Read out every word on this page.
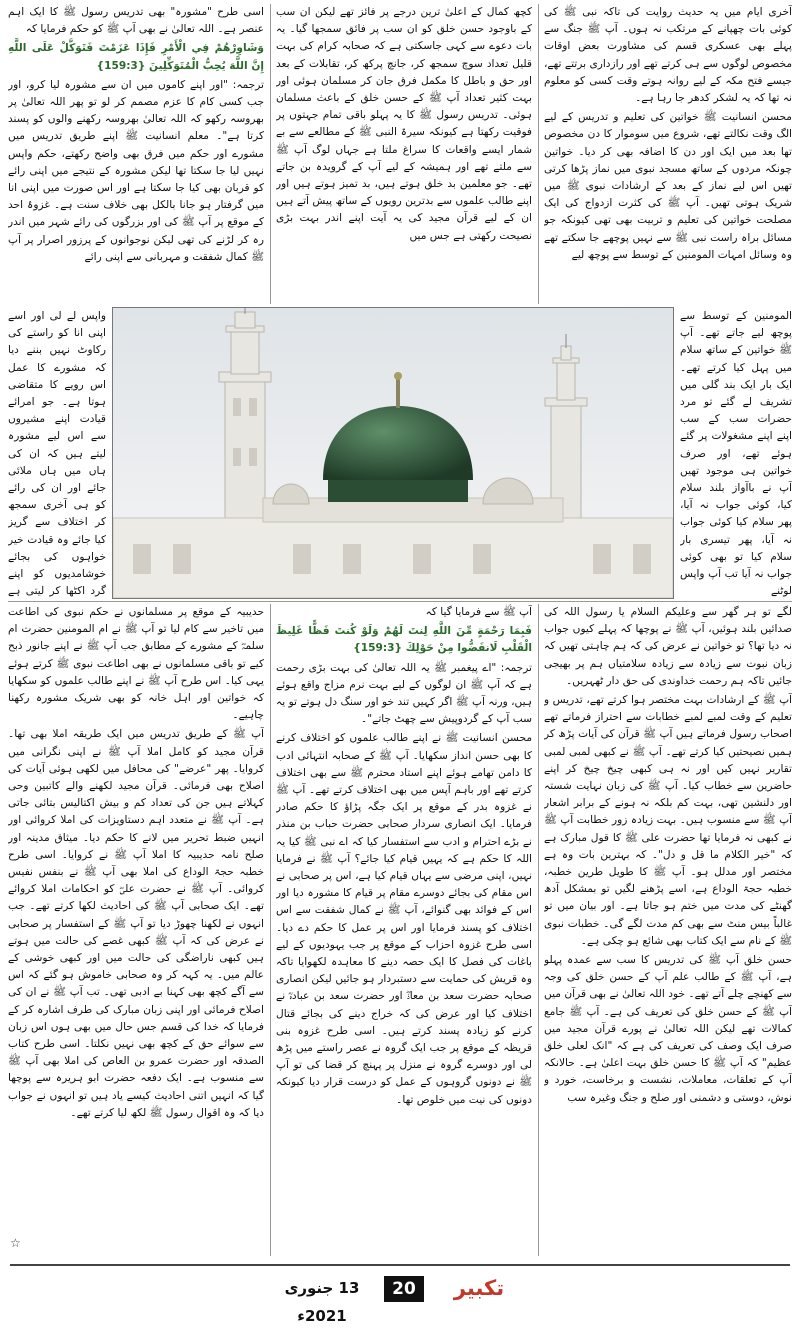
آخری ایام میں یہ حدیث روایت کی تاکہ نبی ﷺ کی کوئی بات چھپانے کے مرتکب نہ ہوں۔ آپ ﷺ جنگ سے پہلے بھی عسکری قسم کی مشاورت بعض اوقات مخصوص لوگوں سے ہی کرتے تھے اور رازداری برتتے تھے، جیسے فتح مکہ کے لیے روانہ ہوتے وقت کسی کو معلوم نہ تھا کہ یہ لشکر کدھر جا رہا ہے۔

محسن انسانیت ﷺ خواتین کی تعلیم و تدریس کے لیے الگ وقت نکالتے تھے، شروع میں سوموار کا دن مخصوص تھا بعد میں ایک اور دن کا اضافہ بھی کر دیا۔ خواتین چونکہ مردوں کے ساتھ مسجد نبوی میں نماز پڑھا کرتی تھیں اس لیے نماز کے بعد کے ارشادات نبوی ﷺ میں شریک ہوتی تھیں۔ آپ ﷺ کی کثرت ازدواج کی ایک مصلحت خواتین کی تعلیم و تربیت بھی تھی کیونکہ جو مسائل براہ راست نبی ﷺ سے نہیں پوچھے جا سکتے تھے وہ وسائل امہات المومنین کے توسط سے پوچھ لیے

کچھ کمال کے اعلیٰ ترین درجے پر فائز تھے لیکن ان سب کے باوجود حسن خلق کو ان سب پر فائق سمجھا گیا۔ یہ بات دعوے سے کہی جاسکتی ہے کہ صحابہ کرام کی بہت قلیل تعداد سوچ سمجھ کر، جانچ پرکھ کر، تقابلات کے بعد اور حق و باطل کا مکمل فرق جان کر مسلمان ہوئی اور بہت کثیر تعداد آپ ﷺ کے حسن خلق کے باعث مسلمان ہوئی۔ تدریس رسول ﷺ کا یہ پہلو باقی تمام جہتوں پر فوقیت رکھتا ہے کیونکہ سیرۃ النبی ﷺ کے مطالعے سے بے شمار ایسے واقعات کا سراغ ملتا ہے جہاں لوگ آپ ﷺ سے ملتے تھے اور ہمیشہ کے لیے آپ کے گرویدہ بن جاتے تھے۔ جو معلمین بد خلق ہوتے ہیں، بد تمیز ہوتے ہیں اور اپنے طالب علموں سے بدترین رویوں کے ساتھ پیش آتے ہیں ان کے لیے قرآن مجید کی یہ آیت اپنے اندر بہت بڑی نصیحت رکھتی ہے جس میں

اسی طرح "مشورہ" بھی تدریس رسول ﷺ کا ایک اہم عنصر ہے۔ اللہ تعالیٰ نے بھی آپ ﷺ کو حکم فرمایا کہ

وَشَاوِرْهُمْ فِي الْأَمْرِ فَإِذَا عَزَمْتَ فَتَوَكَّلْ عَلَى اللَّهِ إِنَّ اللَّهَ يُحِبُّ الْمُتَوَكِّلِينَ {159:3}

ترجمہ: "اور اپنے کاموں میں ان سے مشورہ لیا کرو، اور جب کسی کام کا عزم مصمم کر لو تو پھر اللہ تعالیٰ پر بھروسہ رکھو کہ اللہ تعالیٰ بھروسہ رکھنے والوں کو پسند کرتا ہے"۔ معلم انسانیت ﷺ اپنے طریق تدریس میں مشورے اور حکم میں فرق بھی واضح رکھتے، حکم واپس نہیں لیا جا سکتا تھا لیکن مشورہ کے نتیجے میں اپنی رائے کو قربان بھی کیا جا سکتا ہے اور اس صورت میں اپنی انا میں گرفتار ہو جانا بالکل بھی خلاف سنت ہے۔ غزوۂ احد کے موقع پر آپ ﷺ کی اور بزرگوں کی رائے شہر میں اندر رہ کر لڑنے کی تھی لیکن نوجوانوں کے پرزور اصرار پر آپ ﷺ کمال شفقت و مہربانی سے اپنی رائے

المومنین کے توسط سے پوچھ لیے جاتے تھے۔ آپ ﷺ خواتین کے ساتھ سلام میں پہل کیا کرتے تھے۔ ایک بار ایک بند گلی میں تشریف لے گئے تو مرد حضرات سب کے سب اپنے اپنے مشغولات پر گئے ہوئے تھے، اور صرف خواتین ہی موجود تھیں آپ نے باآواز بلند سلام کیا، کوئی جواب نہ آیا، پھر سلام کیا کوئی جواب نہ آیا، پھر تیسری بار سلام کیا تو بھی کوئی جواب نہ آیا تب آپ واپس لوٹنے

واپس لے لی اور اسے اپنی انا کو راستے کی رکاوٹ نہیں بننے دیا کہ مشورے کا عمل اس رویے کا متقاضی ہوتا ہے۔ جو امرائے قیادت اپنے مشیروں سے اس لیے مشورہ لیتے ہیں کہ ان کی ہاں میں ہاں ملائی جائے اور ان کی رائے کو ہی آخری سمجھ کر اختلاف سے گریز کیا جائے وہ قیادت خیر خواہوں کی بجائے خوشامدیوں کو اپنے گرد اکٹھا کر لیتی ہے

لگے تو ہر گھر سے وعلیکم السلام یا رسول اللہ کی صدائیں بلند ہوئیں، آپ ﷺ نے پوچھا کہ پہلے کیوں جواب نہ دیا تھا؟ تو خواتین نے عرض کی کہ ہم چاہتی تھیں کہ زبان نبوت سے زیادہ سے زیادہ سلامتیاں ہم پر بھیجی جائیں تاکہ ہم رحمت خداوندی کی حق دار ٹھہریں۔

آپ ﷺ کے ارشادات بہت مختصر ہوا کرتے تھے، تدریس و تعلیم کے وقت لمبے لمبے خطابات سے احتراز فرماتے تھے اصحاب رسول فرماتے ہیں آپ ﷺ قرآن کی آیات پڑھ کر ہمیں نصیحتیں کیا کرتے تھے۔ آپ ﷺ نے کبھی لمبی لمبی تقاریر نہیں کیں اور نہ ہی کبھی چیخ چیخ کر اپنے حاضرین سے خطاب کیا۔ آپ ﷺ کی زبان نہایت شستہ اور دلنشین تھی، بہت کم بلکہ نہ ہونے کے برابر اشعار آپ ﷺ سے منسوب ہیں۔ بہت زیادہ زور خطابت آپ ﷺ نے کبھی نہ فرمایا تھا حضرت علی ﷺ کا قول مبارک ہے کہ "خیر الکلام ما قل و دل"۔ کہ بہترین بات وہ ہے مختصر اور مدلل ہو۔ آپ ﷺ کا طویل طرین خطبہ، خطبہ حجۃ الوداع ہے، اسے پڑھنے لگیں تو بمشکل آدھ گھنٹے کی مدت میں ختم ہو جاتا ہے۔ اور بیان میں تو غالباً بیس منٹ سے بھی کم مدت لگے گی۔ خطبات نبوی ﷺ کے نام سے ایک کتاب بھی شائع ہو چکی ہے۔

حسن خلق آپ ﷺ کی تدریس کا سب سے عمدہ پہلو ہے، آپ ﷺ کے طالب علم آپ کے حسن خلق کی وجہ سے کھنچے چلے آتے تھے۔ خود اللہ تعالیٰ نے بھی قرآن میں آپ ﷺ کے حسن خلق کی تعریف کی ہے۔ آپ ﷺ جامع کمالات تھے لیکن اللہ تعالیٰ نے پورے قرآن مجید میں صرف ایک وصف کی تعریف کی ہے کہ "انک لعلی خلق عظیم" کہ آپ ﷺ کا حسن خلق بہت اعلیٰ ہے۔ حالانکہ آپ کے تعلقات، معاملات، نشست و برخاست، خورد و نوش، دوستی و دشمنی اور صلح و جنگ وغیرہ سب

آپ ﷺ سے فرمایا گیا کہ

فَبِمَا رَحْمَةٍ مِّنَ اللَّهِ لِنتَ لَهُمْ وَلَوْ كُنتَ فَظًّا غَلِيظَ الْقَلْبِ لَانفَضُّوا مِنْ حَوْلِكَ {159:3}

ترجمہ: "اے پیغمبر ﷺ یہ اللہ تعالیٰ کی بہت بڑی رحمت ہے کہ آپ ﷺ ان لوگوں کے لیے بہت نرم مزاج واقع ہوئے ہیں، ورنہ آپ ﷺ اگر کہیں تند خو اور سنگ دل ہوتے تو یہ سب آپ کے گردوپیش سے چھٹ جاتے"۔

محسن انسانیت ﷺ نے اپنے طالب علموں کو اختلاف کرنے کا بھی حسن انداز سکھایا۔ آپ ﷺ کے صحابہ انتہائی ادب کا دامن تھامے ہوئے اپنے استاد محترم ﷺ سے بھی اختلاف کرتے تھے اور باہم آپس میں بھی اختلاف کرتے تھے۔ آپ ﷺ نے غزوہ بدر کے موقع پر ایک جگہ پڑاؤ کا حکم صادر فرمایا۔ ایک انصاری سردار صحابی حضرت حباب بن منذر نے بڑے احترام و ادب سے استفسار کیا کہ اے نبی ﷺ کیا یہ اللہ کا حکم ہے کہ یہیں قیام کیا جائے؟ آپ ﷺ نے فرمایا نہیں، اپنی مرضی سے یہاں قیام کیا ہے، اس پر صحابی نے اس مقام کی بجائے دوسرے مقام پر قیام کا مشورہ دیا اور اس کے فوائد بھی گنوائے، آپ ﷺ نے کمال شفقت سے اس اختلاف کو پسند فرمایا اور اس پر عمل کا حکم دے دیا۔ اسی طرح غزوہ احزاب کے موقع پر جب یہودیوں کے لیے باغات کی فصل کا ایک حصہ دینے کا معاہدہ لکھوایا تاکہ وہ قریش کی حمایت سے دستبردار ہو جائیں لیکن انصاری صحابہ حضرت سعد بن معاذؓ اور حضرت سعد بن عبادہؓ نے اختلاف کیا اور عرض کی کہ خراج دینے کی بجائے قتال کرنے کو زیادہ پسند کرتے ہیں۔ اسی طرح غزوہ بنی قریظہ کے موقع پر جب ایک گروہ نے عصر راستے میں پڑھ لی اور دوسرے گروہ نے منزل پر پہنچ کر قضا کی تو آپ ﷺ نے دونوں گروہوں کے عمل کو درست قرار دیا کیونکہ دونوں کی نیت میں خلوص تھا۔

حدیبیہ کے موقع پر مسلمانوں نے حکم نبوی کی اطاعت میں تاخیر سے کام لیا تو آپ ﷺ نے ام المومنین حضرت ام سلمہؓ کے مشورے کے مطابق جب آپ ﷺ نے اپنے جانور ذبح کیے تو باقی مسلمانوں نے بھی اطاعت نبوی ﷺ کرتے ہوئے یہی کیا۔ اس طرح آپ ﷺ نے اپنے طالب علموں کو سکھایا کہ خواتین اور اہل خانہ کو بھی شریک مشورہ رکھنا چاہیے۔

آپ ﷺ کے طریق تدریس میں ایک طریقہ املا بھی تھا۔ قرآن مجید کو کامل املا آپ ﷺ نے اپنی نگرانی میں کروایا۔ پھر "عرضے" کی محافل میں لکھی ہوئی آیات کی اصلاح بھی فرمائی۔ قرآن مجید لکھنے والے کاتبین وحی کہلاتے ہیں جن کی تعداد کم و بیش اکتالیس بتائی جاتی ہے۔ آپ ﷺ نے متعدد اہم دستاویزات کی املا کروائی اور انہیں ضبط تحریر میں لانے کا حکم دیا۔ میثاق مدینہ اور صلح نامہ حدیبیہ کا املا آپ ﷺ نے کروایا۔ اسی طرح خطبہ حجۃ الوداع کی املا بھی آپ ﷺ نے بنفس نفیس کروائی۔ آپ ﷺ نے حضرت علیؓ کو احکامات املا کروائے تھے۔ ایک صحابی آپ ﷺ کی احادیث لکھا کرتے تھے۔ جب انہوں نے لکھنا چھوڑ دیا تو آپ ﷺ کے استفسار پر صحابی نے عرض کی کہ آپ ﷺ کبھی غصے کی حالت میں ہوتے ہیں کبھی ناراضگی کی حالت میں اور کبھی خوشی کے عالم میں۔ یہ کہہ کر وہ صحابی خاموش ہو گئے کہ اس سے آگے کچھ بھی کہنا بے ادبی تھی۔ تب آپ ﷺ نے ان کی اصلاح فرمائی اور اپنی زبان مبارک کی طرف اشارہ کر کے فرمایا کہ خدا کی قسم جس حال میں بھی ہوں اس زبان سے سوائے حق کے کچھ بھی نہیں نکلتا۔ اسی طرح کتاب الصدقہ اور حضرت عمرو بن العاص کی املا بھی آپ ﷺ سے منسوب ہے۔ ایک دفعہ حضرت ابو ہریرہ سے پوچھا گیا کہ انہیں اتنی احادیث کیسے یاد ہیں تو انہوں نے جواب دیا کہ وہ اقوال رسول ﷺ لکھ لیا کرتے تھے۔

☆
تکبیر
20
13 جنوری 2021ء
